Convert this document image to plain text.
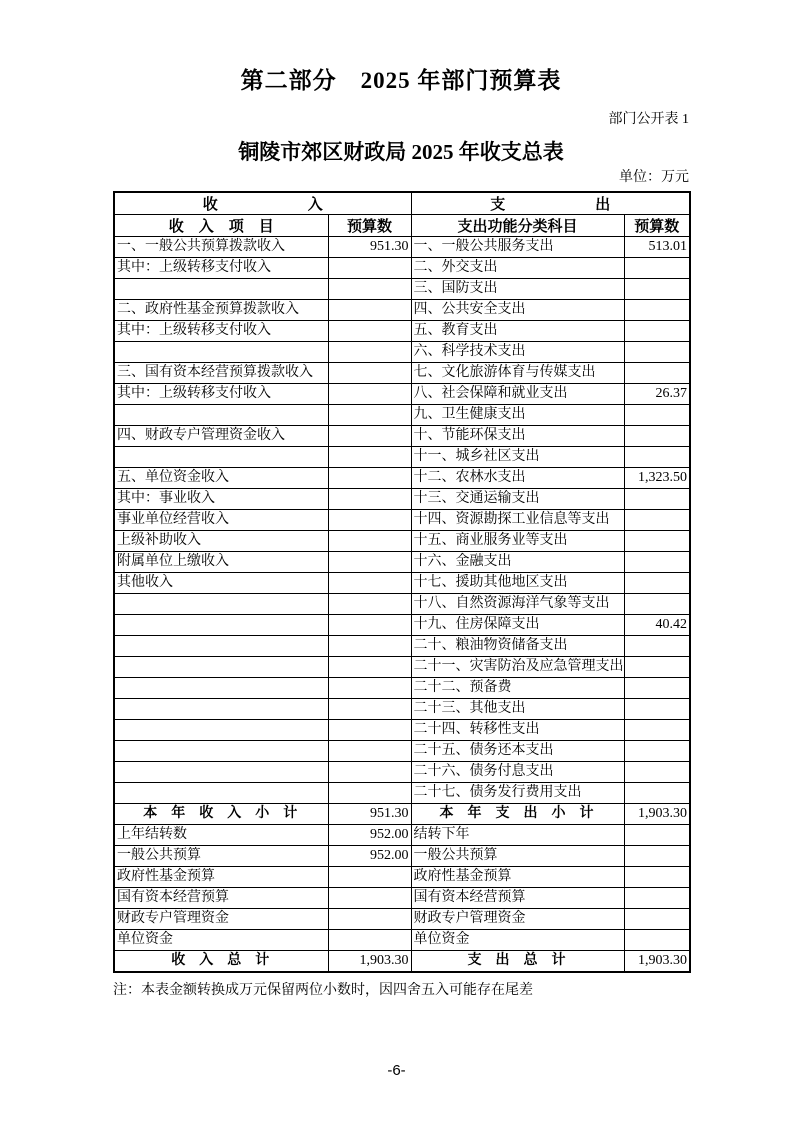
第二部分　2025 年部门预算表
部门公开表 1
铜陵市郊区财政局 2025 年收支总表
单位：万元
收　　　　　　入		支　　　　　　出	
收　入　项　目	预算数	支出功能分类科目	预算数
一、一般公共预算拨款收入	951.30	一、一般公共服务支出	513.01
其中：上级转移支付收入		二、外交支出	
		三、国防支出	
二、政府性基金预算拨款收入		四、公共安全支出	
其中：上级转移支付收入		五、教育支出	
		六、科学技术支出	
三、国有资本经营预算拨款收入		七、文化旅游体育与传媒支出	
其中：上级转移支付收入		八、社会保障和就业支出	26.37
		九、卫生健康支出	
四、财政专户管理资金收入		十、节能环保支出	
		十一、城乡社区支出	
五、单位资金收入		十二、农林水支出	1,323.50
其中：事业收入		十三、交通运输支出	
事业单位经营收入		十四、资源勘探工业信息等支出	
上级补助收入		十五、商业服务业等支出	
附属单位上缴收入		十六、金融支出	
其他收入		十七、援助其他地区支出	
		十八、自然资源海洋气象等支出	
		十九、住房保障支出	40.42
		二十、粮油物资储备支出	
		二十一、灾害防治及应急管理支出	
		二十二、预备费	
		二十三、其他支出	
		二十四、转移性支出	
		二十五、债务还本支出	
		二十六、债务付息支出	
		二十七、债务发行费用支出	
本　年　收　入　小　计	951.30	本　年　支　出　小　计	1,903.30
上年结转数	952.00	结转下年	
一般公共预算	952.00	一般公共预算	
政府性基金预算		政府性基金预算	
国有资本经营预算		国有资本经营预算	
财政专户管理资金		财政专户管理资金	
单位资金		单位资金	
收　入　总　计	1,903.30	支　出　总　计	1,903.30
注：本表金额转换成万元保留两位小数时，因四舍五入可能存在尾差
-6-
